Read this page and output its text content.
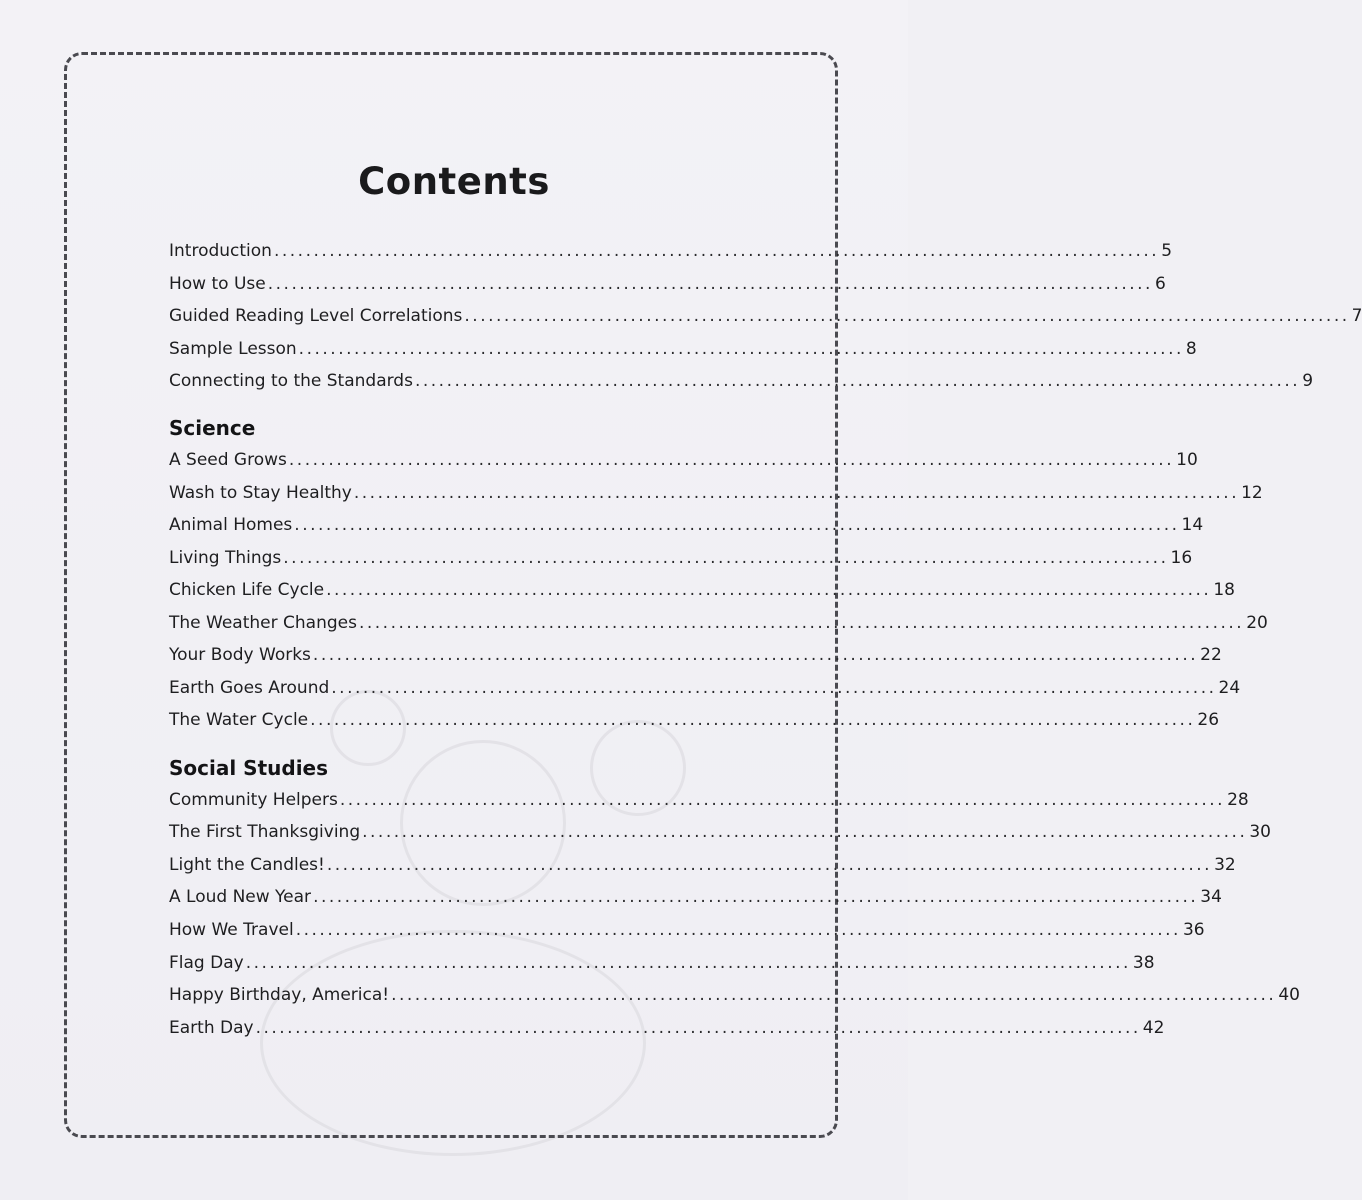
Contents
Introduction ................................................................................................................ 5
How to Use ................................................................................................................ 6
Guided Reading Level Correlations ................................................................................................................ 7
Sample Lesson ................................................................................................................ 8
Connecting to the Standards ................................................................................................................ 9
Science
A Seed Grows ................................................................................................................ 10
Wash to Stay Healthy ................................................................................................................ 12
Animal Homes ................................................................................................................ 14
Living Things ................................................................................................................ 16
Chicken Life Cycle ................................................................................................................ 18
The Weather Changes ................................................................................................................ 20
Your Body Works ................................................................................................................ 22
Earth Goes Around ................................................................................................................ 24
The Water Cycle ................................................................................................................ 26
Social Studies
Community Helpers ................................................................................................................ 28
The First Thanksgiving ................................................................................................................ 30
Light the Candles! ................................................................................................................ 32
A Loud New Year ................................................................................................................ 34
How We Travel ................................................................................................................ 36
Flag Day ................................................................................................................ 38
Happy Birthday, America! ................................................................................................................ 40
Earth Day ................................................................................................................ 42
